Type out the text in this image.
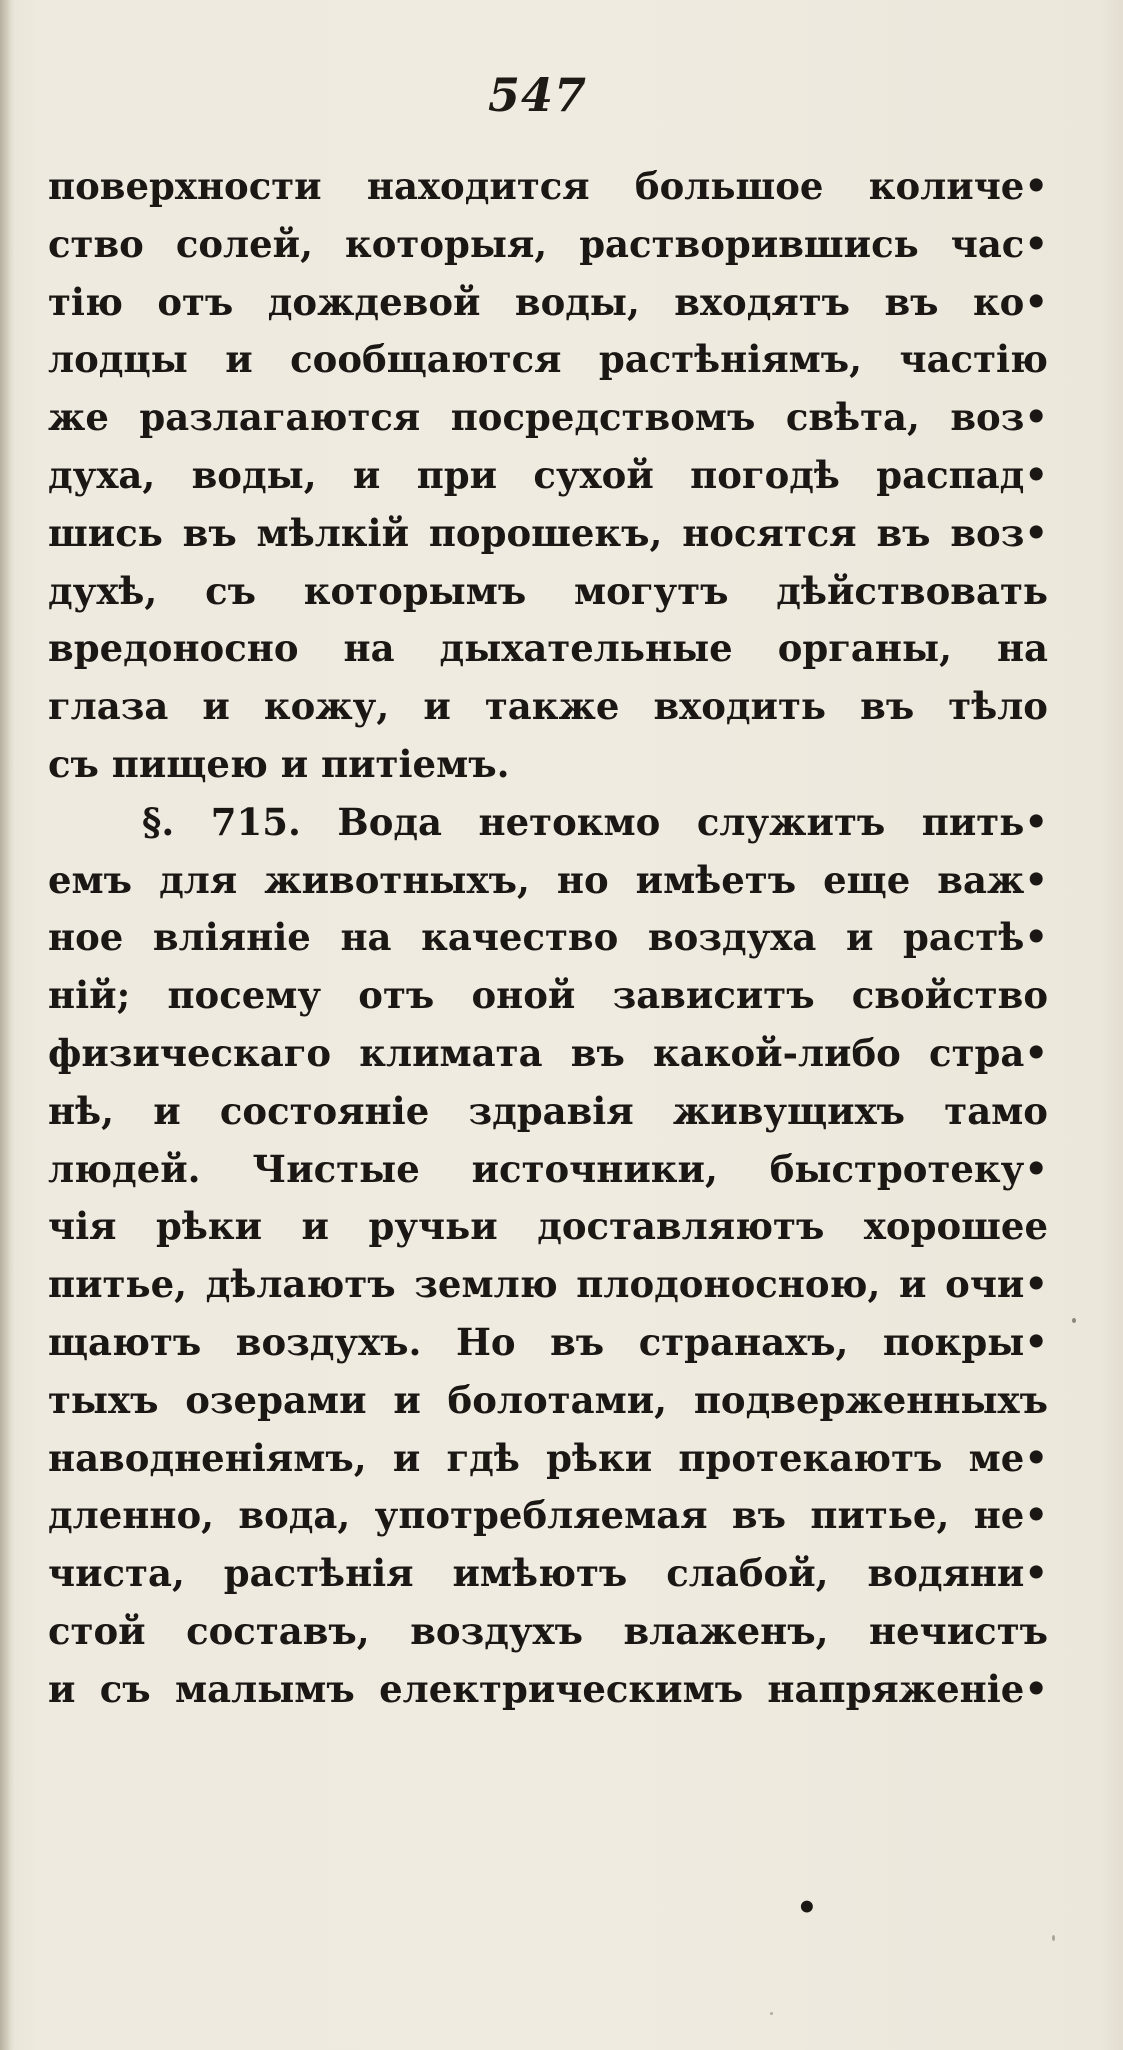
547
поверхности находится большое количе•
ство солей, которыя, растворившись час•
тію отъ дождевой воды, входятъ въ ко•
лодцы и сообщаются растѣніямъ, частію
же разлагаются посредствомъ свѣта, воз•
духа, воды, и при сухой погодѣ распад•
шись въ мѣлкій порошекъ, носятся въ воз•
духѣ, съ которымъ могутъ дѣйствовать
вредоносно на дыхательные органы, на
глаза и кожу, и также входить въ тѣло
съ пищею и питіемъ.
§. 715. Вода нетокмо служитъ пить•
емъ для животныхъ, но имѣетъ еще важ•
ное вліяніе на качество воздуха и растѣ•
ній; посему отъ оной зависитъ свойство
физическаго климата въ какой-либо стра•
нѣ, и состояніе здравія живущихъ тамо
людей. Чистые источники, быстротеку•
чія рѣки и ручьи доставляютъ хорошее
питье, дѣлаютъ землю плодоносною, и очи•
щаютъ воздухъ. Но въ странахъ, покры•
тыхъ озерами и болотами, подверженныхъ
наводненіямъ, и гдѣ рѣки протекаютъ ме•
дленно, вода, употребляемая въ питье, не•
чиста, растѣнія имѣютъ слабой, водяни•
стой составъ, воздухъ влаженъ, нечистъ
и съ малымъ електрическимъ напряженіе•
•
